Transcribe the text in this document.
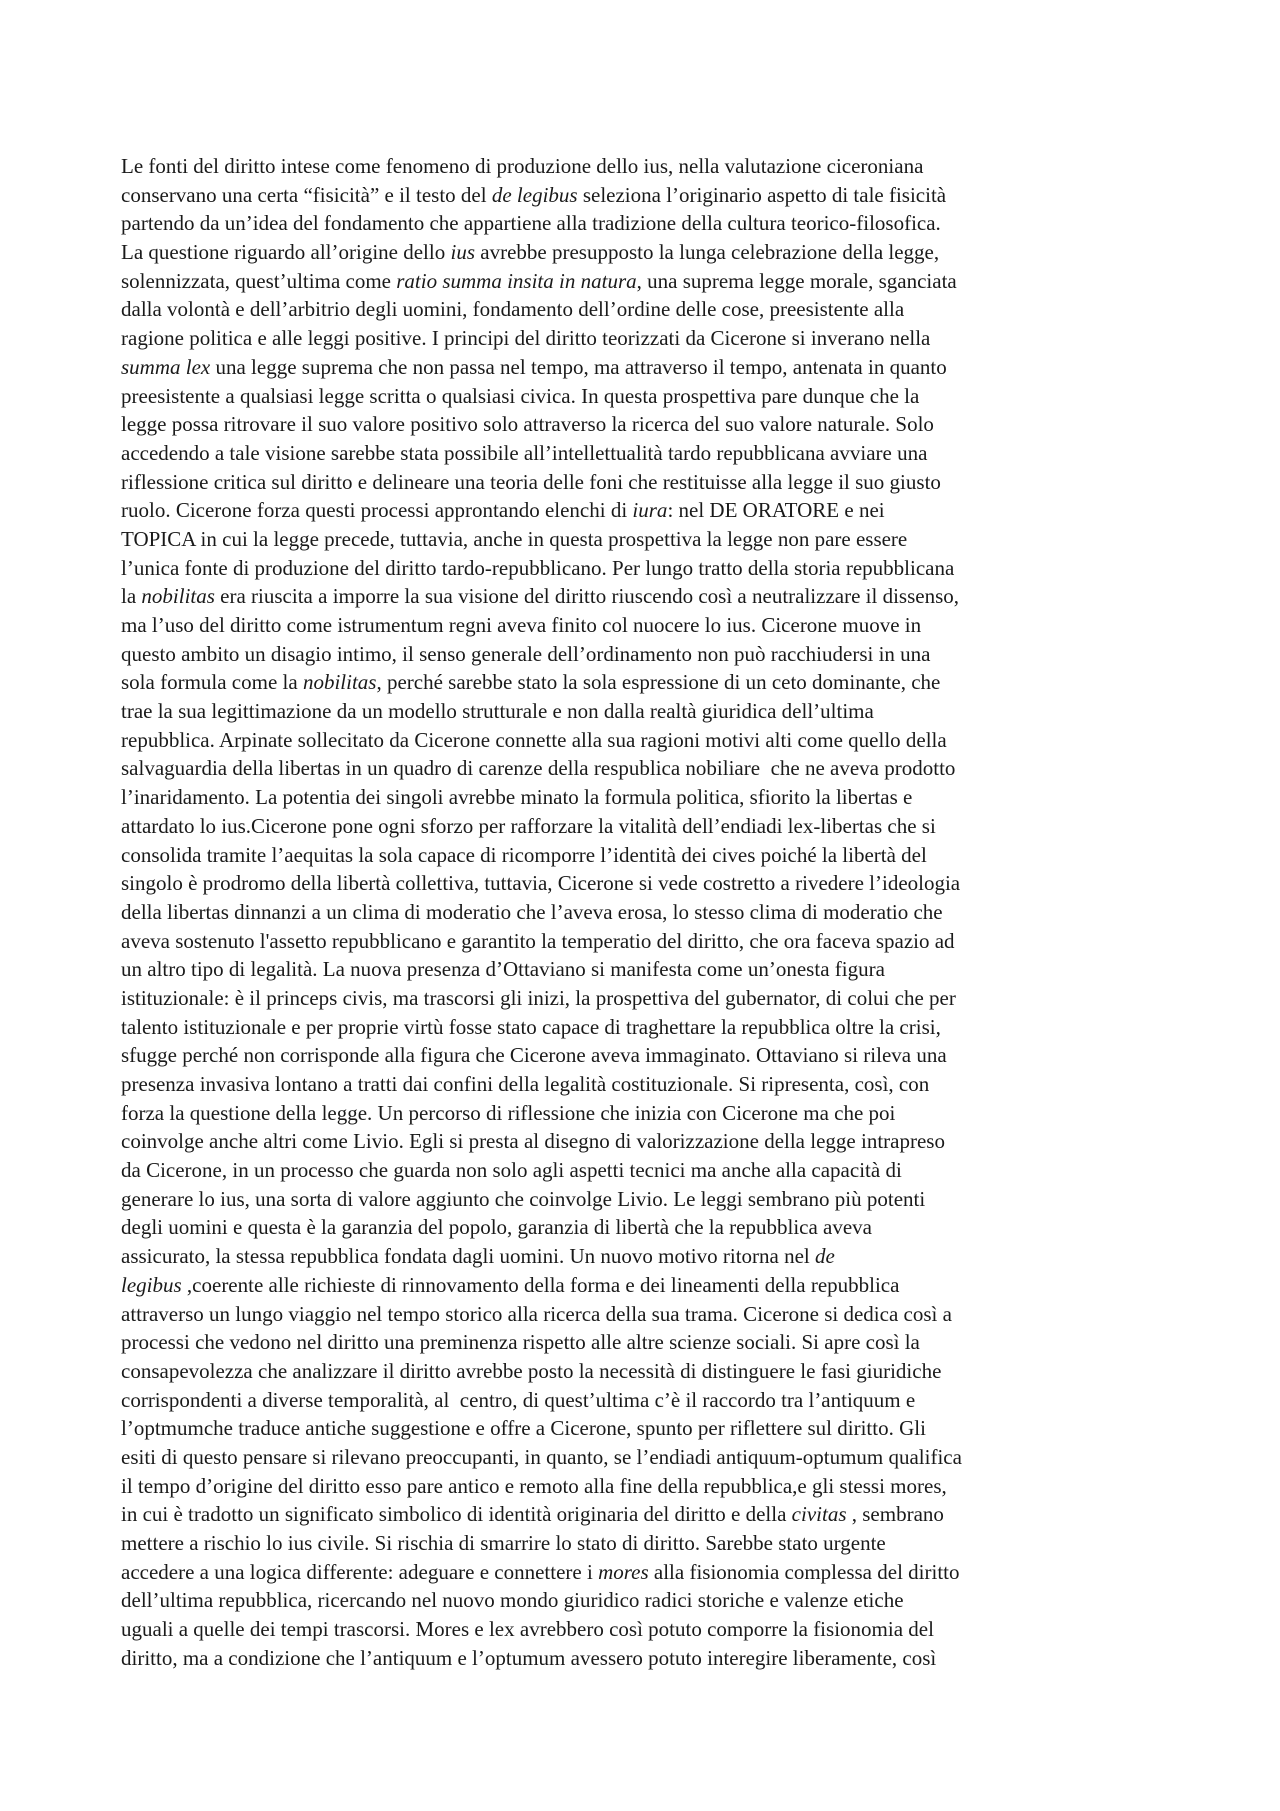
Le fonti del diritto intese come fenomeno di produzione dello ius, nella valutazione ciceroniana
conservano una certa “fisicità” e il testo del de legibus seleziona l’originario aspetto di tale fisicità
partendo da un’idea del fondamento che appartiene alla tradizione della cultura teorico-filosofica.
La questione riguardo all’origine dello ius avrebbe presupposto la lunga celebrazione della legge,
solennizzata, quest’ultima come ratio summa insita in natura, una suprema legge morale, sganciata
dalla volontà e dell’arbitrio degli uomini, fondamento dell’ordine delle cose, preesistente alla
ragione politica e alle leggi positive. I principi del diritto teorizzati da Cicerone si inverano nella
summa lex una legge suprema che non passa nel tempo, ma attraverso il tempo, antenata in quanto
preesistente a qualsiasi legge scritta o qualsiasi civica. In questa prospettiva pare dunque che la
legge possa ritrovare il suo valore positivo solo attraverso la ricerca del suo valore naturale. Solo
accedendo a tale visione sarebbe stata possibile all’intellettualità tardo repubblicana avviare una
riflessione critica sul diritto e delineare una teoria delle foni che restituisse alla legge il suo giusto
ruolo. Cicerone forza questi processi approntando elenchi di iura: nel DE ORATORE e nei
TOPICA in cui la legge precede, tuttavia, anche in questa prospettiva la legge non pare essere
l’unica fonte di produzione del diritto tardo-repubblicano. Per lungo tratto della storia repubblicana
la nobilitas era riuscita a imporre la sua visione del diritto riuscendo così a neutralizzare il dissenso,
ma l’uso del diritto come istrumentum regni aveva finito col nuocere lo ius. Cicerone muove in
questo ambito un disagio intimo, il senso generale dell’ordinamento non può racchiudersi in una
sola formula come la nobilitas, perché sarebbe stato la sola espressione di un ceto dominante, che
trae la sua legittimazione da un modello strutturale e non dalla realtà giuridica dell’ultima
repubblica. Arpinate sollecitato da Cicerone connette alla sua ragioni motivi alti come quello della
salvaguardia della libertas in un quadro di carenze della respublica nobiliare  che ne aveva prodotto
l’inaridamento. La potentia dei singoli avrebbe minato la formula politica, sfiorito la libertas e
attardato lo ius.Cicerone pone ogni sforzo per rafforzare la vitalità dell’endiadi lex-libertas che si
consolida tramite l’aequitas la sola capace di ricomporre l’identità dei cives poiché la libertà del
singolo è prodromo della libertà collettiva, tuttavia, Cicerone si vede costretto a rivedere l’ideologia
della libertas dinnanzi a un clima di moderatio che l’aveva erosa, lo stesso clima di moderatio che
aveva sostenuto l'assetto repubblicano e garantito la temperatio del diritto, che ora faceva spazio ad
un altro tipo di legalità. La nuova presenza d’Ottaviano si manifesta come un’onesta figura
istituzionale: è il princeps civis, ma trascorsi gli inizi, la prospettiva del gubernator, di colui che per
talento istituzionale e per proprie virtù fosse stato capace di traghettare la repubblica oltre la crisi,
sfugge perché non corrisponde alla figura che Cicerone aveva immaginato. Ottaviano si rileva una
presenza invasiva lontano a tratti dai confini della legalità costituzionale. Si ripresenta, così, con
forza la questione della legge. Un percorso di riflessione che inizia con Cicerone ma che poi
coinvolge anche altri come Livio. Egli si presta al disegno di valorizzazione della legge intrapreso
da Cicerone, in un processo che guarda non solo agli aspetti tecnici ma anche alla capacità di
generare lo ius, una sorta di valore aggiunto che coinvolge Livio. Le leggi sembrano più potenti
degli uomini e questa è la garanzia del popolo, garanzia di libertà che la repubblica aveva
assicurato, la stessa repubblica fondata dagli uomini. Un nuovo motivo ritorna nel de
legibus ,coerente alle richieste di rinnovamento della forma e dei lineamenti della repubblica
attraverso un lungo viaggio nel tempo storico alla ricerca della sua trama. Cicerone si dedica così a
processi che vedono nel diritto una preminenza rispetto alle altre scienze sociali. Si apre così la
consapevolezza che analizzare il diritto avrebbe posto la necessità di distinguere le fasi giuridiche
corrispondenti a diverse temporalità, al  centro, di quest’ultima c’è il raccordo tra l’antiquum e
l’optmumche traduce antiche suggestione e offre a Cicerone, spunto per riflettere sul diritto. Gli
esiti di questo pensare si rilevano preoccupanti, in quanto, se l’endiadi antiquum-optumum qualifica
il tempo d’origine del diritto esso pare antico e remoto alla fine della repubblica,e gli stessi mores,
in cui è tradotto un significato simbolico di identità originaria del diritto e della civitas , sembrano
mettere a rischio lo ius civile. Si rischia di smarrire lo stato di diritto. Sarebbe stato urgente
accedere a una logica differente: adeguare e connettere i mores alla fisionomia complessa del diritto
dell’ultima repubblica, ricercando nel nuovo mondo giuridico radici storiche e valenze etiche
uguali a quelle dei tempi trascorsi. Mores e lex avrebbero così potuto comporre la fisionomia del
diritto, ma a condizione che l’antiquum e l’optumum avessero potuto interegire liberamente, così
